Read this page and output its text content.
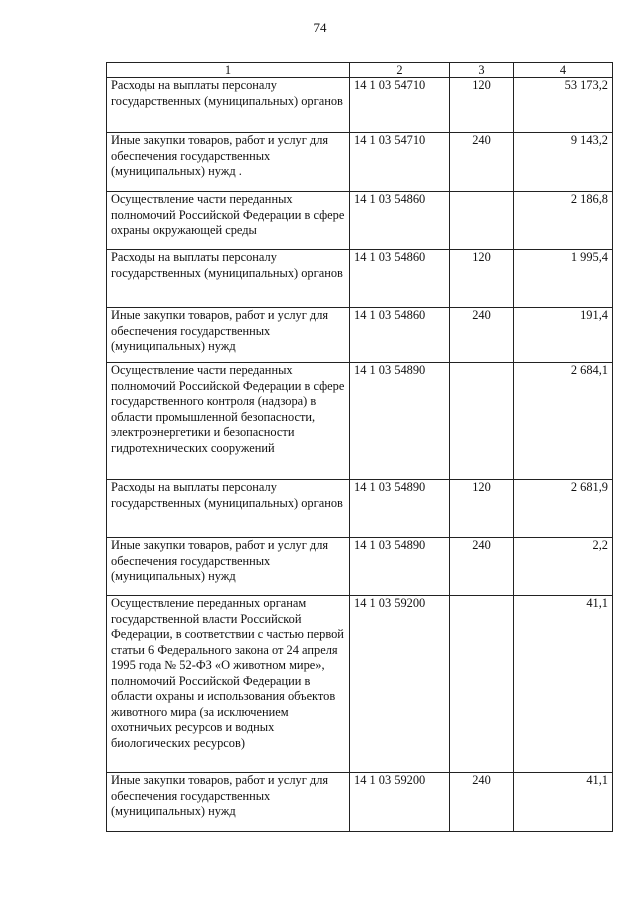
74
1	2	3	4
Расходы на выплаты персоналу государственных (муниципальных) органов	14 1 03 54710	120	53 173,2
Иные закупки товаров, работ и услуг для обеспечения государственных (муниципальных) нужд .	14 1 03 54710	240	9 143,2
Осуществление части переданных полномочий Российской Федерации в сфере охраны окружающей среды	14 1 03 54860		2 186,8
Расходы на выплаты персоналу государственных (муниципальных) органов	14 1 03 54860	120	1 995,4
Иные закупки товаров, работ и услуг для обеспечения государственных (муниципальных) нужд	14 1 03 54860	240	191,4
Осуществление части переданных полномочий Российской Федерации в сфере государственного контроля (надзора) в области промышленной безопасности, электроэнергетики и безопасности гидротехнических сооружений	14 1 03 54890		2 684,1
Расходы на выплаты персоналу государственных (муниципальных) органов	14 1 03 54890	120	2 681,9
Иные закупки товаров, работ и услуг для обеспечения государственных (муниципальных) нужд	14 1 03 54890	240	2,2
Осуществление переданных органам государственной власти Российской Федерации, в соответствии с частью первой статьи 6 Федерального закона от 24 апреля 1995 года № 52-ФЗ «О животном мире», полномочий Российской Федерации в области охраны и использования объектов животного мира (за исключением охотничьих ресурсов и водных биологических ресурсов)	14 1 03 59200		41,1
Иные закупки товаров, работ и услуг для обеспечения государственных (муниципальных) нужд	14 1 03 59200	240	41,1
